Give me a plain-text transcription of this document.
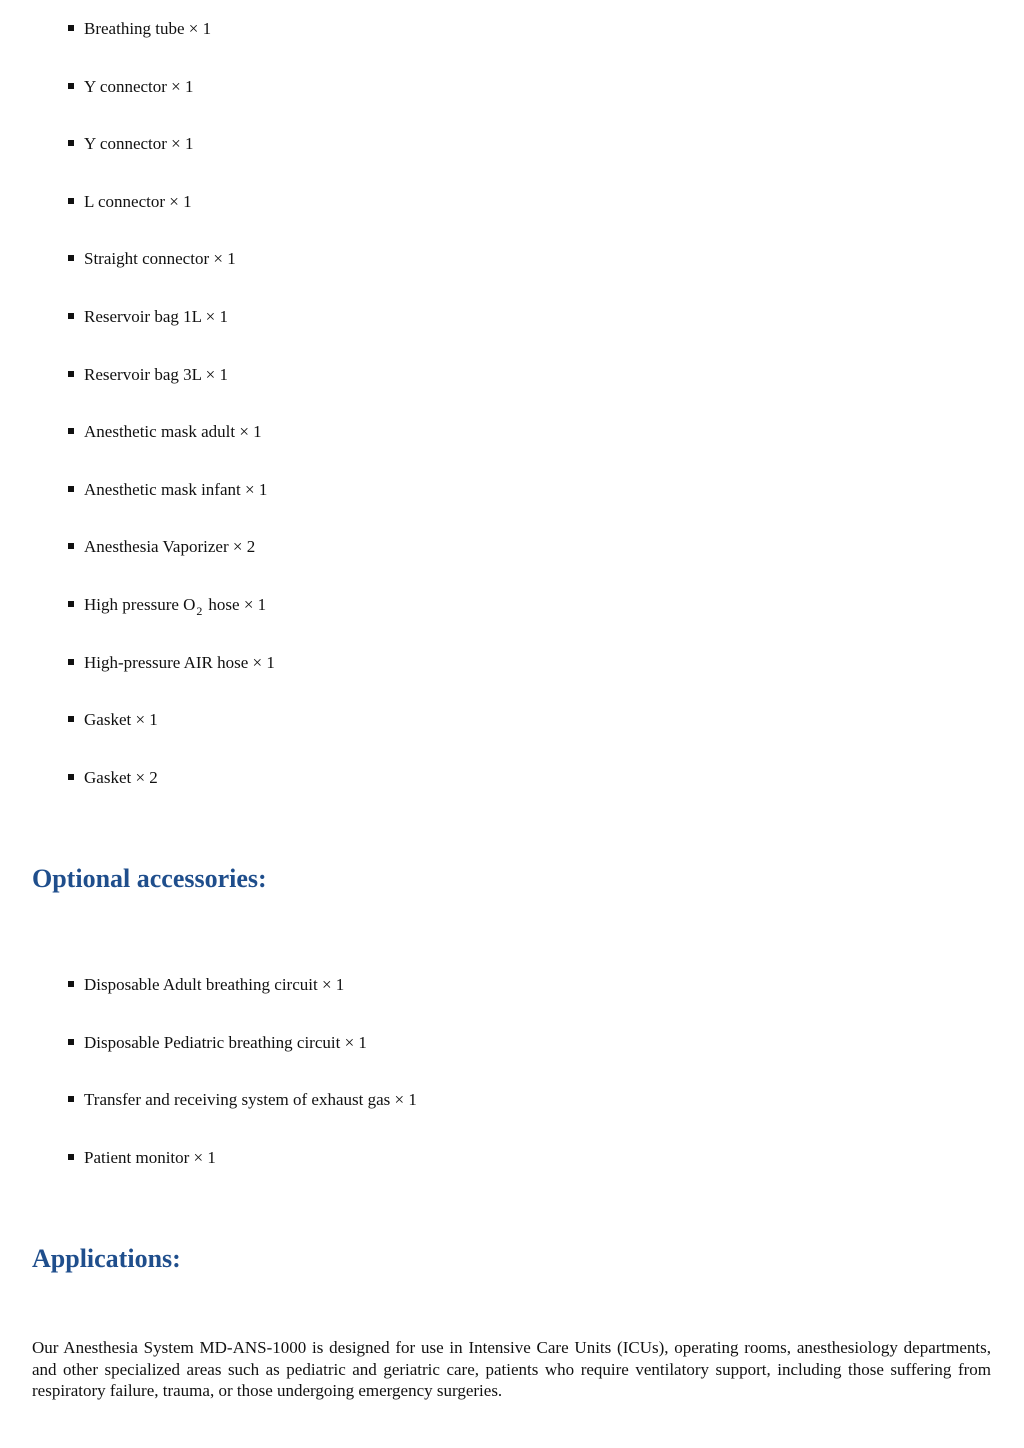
Breathing tube × 1
Y connector × 1
Y connector × 1
L connector × 1
Straight connector × 1
Reservoir bag 1L × 1
Reservoir bag 3L × 1
Anesthetic mask adult × 1
Anesthetic mask infant × 1
Anesthesia Vaporizer × 2
High pressure $O_2$ hose × 1
High-pressure AIR hose × 1
Gasket × 1
Gasket × 2
Optional accessories:
Disposable Adult breathing circuit × 1
Disposable Pediatric breathing circuit × 1
Transfer and receiving system of exhaust gas × 1
Patient monitor × 1
Applications:

Our Anesthesia System MD-ANS-1000 is designed for use in Intensive Care Units (ICUs), operating rooms, anesthesiology departments, and other specialized areas such as pediatric and geriatric care, patients who require ventilatory support, including those suffering from respiratory failure, trauma, or those undergoing emergency surgeries.
